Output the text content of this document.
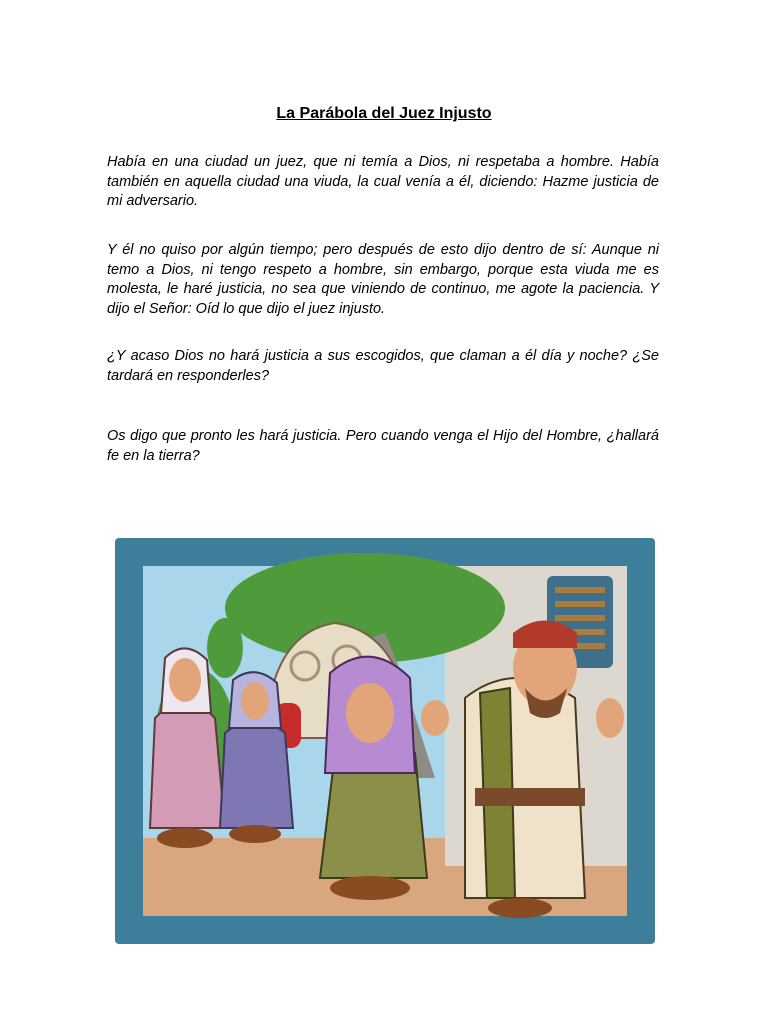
La Parábola del Juez Injusto

Había en una ciudad un juez, que ni temía a Dios, ni respetaba a hombre. Había también en aquella ciudad una viuda, la cual venía a él, diciendo: Hazme justicia de mi adversario.

Y él no quiso por algún tiempo; pero después de esto dijo dentro de sí: Aunque ni temo a Dios, ni tengo respeto a hombre, sin embargo, porque esta viuda me es molesta, le haré justicia, no sea que viniendo de continuo, me agote la paciencia. Y dijo el Señor: Oíd lo que dijo el juez injusto.

¿Y acaso Dios no hará justicia a sus escogidos, que claman a él día y noche? ¿Se tardará en responderles?

Os digo que pronto les hará justicia. Pero cuando venga el Hijo del Hombre, ¿hallará fe en la tierra?
